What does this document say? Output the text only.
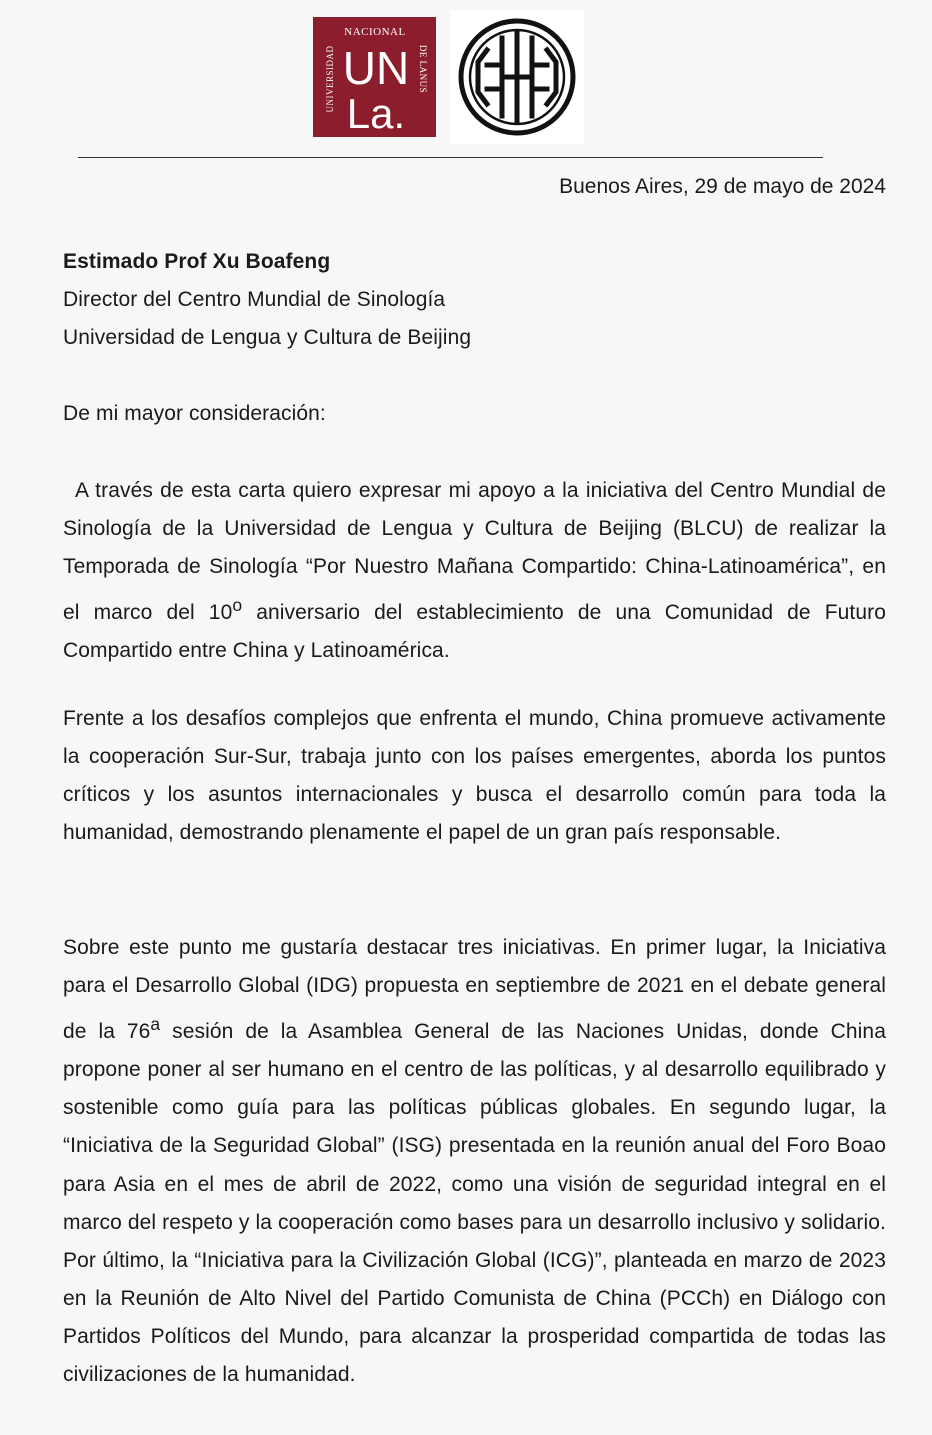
UNIVERSIDAD
NACIONAL
DE LANUS
UN
La.
Buenos Aires, 29 de mayo de 2024
Estimado Prof Xu Boafeng
Director del Centro Mundial de Sinología
Universidad de Lengua y Cultura de Beijing
De mi mayor consideración:

A través de esta carta quiero expresar mi apoyo a la iniciativa del Centro Mundial de Sinología de la Universidad de Lengua y Cultura de Beijing (BLCU) de realizar la Temporada de Sinología “Por Nuestro Mañana Compartido: China-Latinoamérica”, en el marco del 10$^o$ aniversario del establecimiento de una Comunidad de Futuro Compartido entre China y Latinoamérica.

Frente a los desafíos complejos que enfrenta el mundo, China promueve activamente la cooperación Sur-Sur, trabaja junto con los países emergentes, aborda los puntos críticos y los asuntos internacionales y busca el desarrollo común para toda la humanidad, demostrando plenamente el papel de un gran país responsable.

Sobre este punto me gustaría destacar tres iniciativas. En primer lugar, la Iniciativa para el Desarrollo Global (IDG) propuesta en septiembre de 2021 en el debate general de la 76$^a$ sesión de la Asamblea General de las Naciones Unidas, donde China propone poner al ser humano en el centro de las políticas, y al desarrollo equilibrado y sostenible como guía para las políticas públicas globales. En segundo lugar, la “Iniciativa de la Seguridad Global” (ISG) presentada en la reunión anual del Foro Boao para Asia en el mes de abril de 2022, como una visión de seguridad integral en el marco del respeto y la cooperación como bases para un desarrollo inclusivo y solidario. Por último, la “Iniciativa para la Civilización Global (ICG)”, planteada en marzo de 2023 en la Reunión de Alto Nivel del Partido Comunista de China (PCCh) en Diálogo con Partidos Políticos del Mundo, para alcanzar la prosperidad compartida de todas las civilizaciones de la humanidad.
